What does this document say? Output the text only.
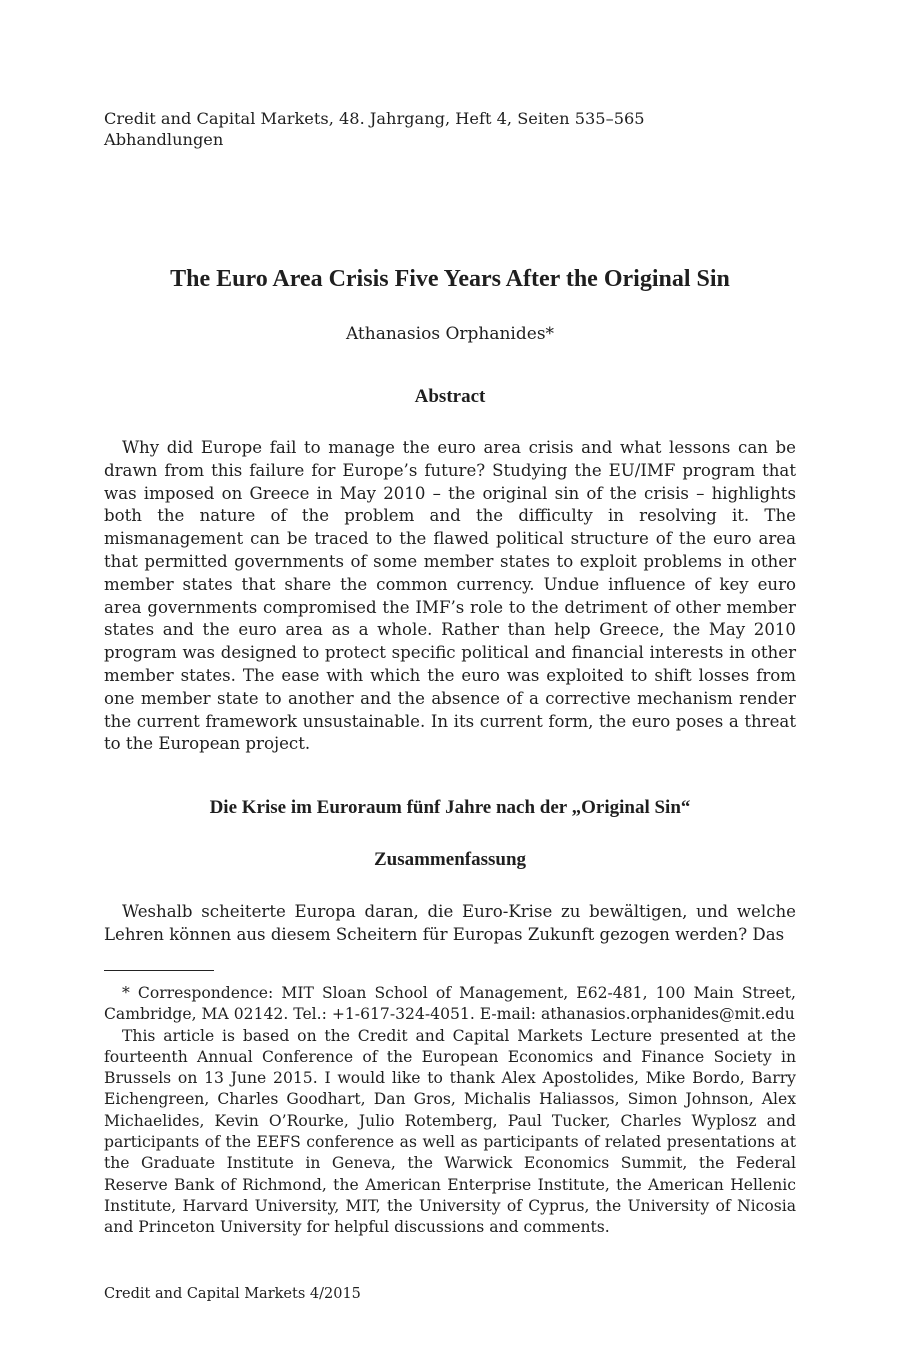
Credit and Capital Markets, 48. Jahrgang, Heft 4, Seiten 535–565
Abhandlungen
The Euro Area Crisis Five Years After the Original Sin
Athanasios Orphanides*
Abstract

Why did Europe fail to manage the euro area crisis and what lessons can be drawn from this failure for Europe’s future? Studying the EU/IMF program that was imposed on Greece in May 2010 – the original sin of the crisis – highlights both the nature of the problem and the difficulty in resolving it. The mismanagement can be traced to the flawed political structure of the euro area that permitted governments of some member states to exploit problems in other member states that share the common currency. Undue influence of key euro area governments compromised the IMF’s role to the detriment of other member states and the euro area as a whole. Rather than help Greece, the May 2010 program was designed to protect specific political and financial interests in other member states. The ease with which the euro was exploited to shift losses from one member state to another and the absence of a corrective mechanism render the current framework unsustainable. In its current form, the euro poses a threat to the European project.

Die Krise im Euroraum fünf Jahre nach der „Original Sin“
Zusammenfassung

Weshalb scheiterte Europa daran, die Euro-Krise zu bewältigen, und welche Lehren können aus diesem Scheitern für Europas Zukunft gezogen werden? Das

* Correspondence: MIT Sloan School of Management, E62-481, 100 Main Street, Cambridge, MA 02142. Tel.: +1-617-324-4051. E-mail: athanasios.orphanides@mit.edu

This article is based on the Credit and Capital Markets Lecture presented at the fourteenth Annual Conference of the European Economics and Finance Society in Brussels on 13 June 2015. I would like to thank Alex Apostolides, Mike Bordo, Barry Eichengreen, Charles Goodhart, Dan Gros, Michalis Haliassos, Simon Johnson, Alex Michaelides, Kevin O’Rourke, Julio Rotemberg, Paul Tucker, Charles Wyplosz and participants of the EEFS conference as well as participants of related presentations at the Graduate Institute in Geneva, the Warwick Economics Summit, the Federal Reserve Bank of Richmond, the American Enterprise Institute, the American Hellenic Institute, Harvard University, MIT, the University of Cyprus, the University of Nicosia and Princeton University for helpful discussions and comments.

Credit and Capital Markets 4/2015
